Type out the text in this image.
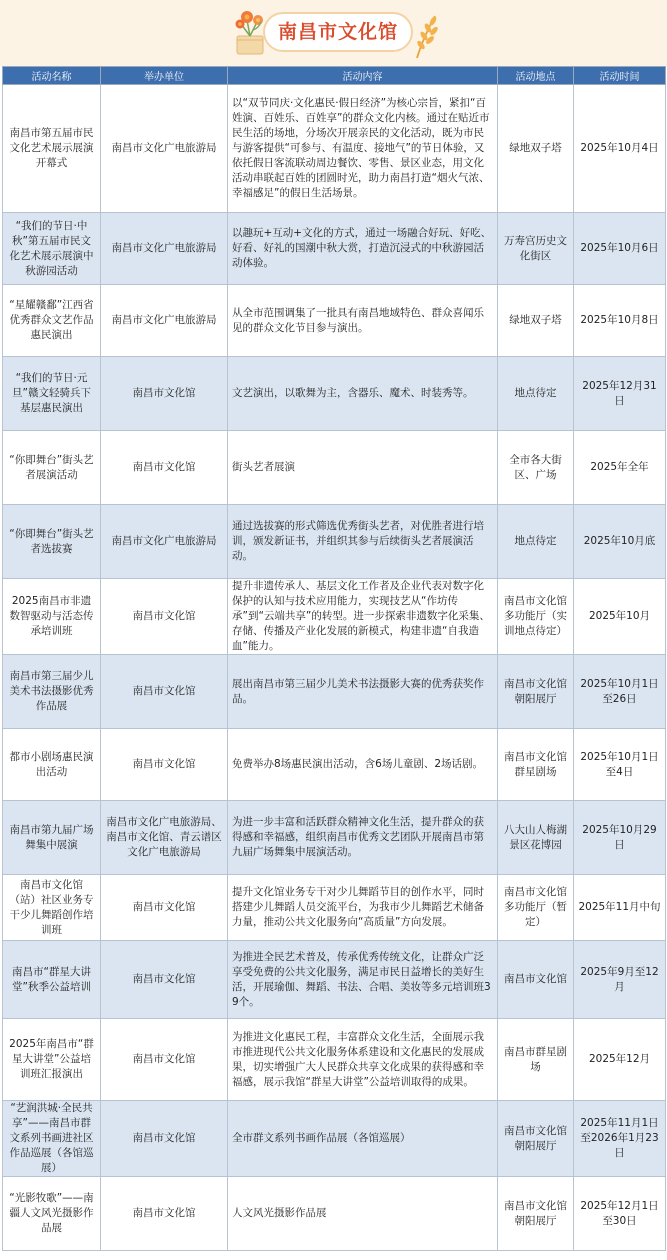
南昌市文化馆
活动名称	举办单位	活动内容	活动地点	活动时间
南昌市第五届市民文化艺术展示展演开幕式	南昌市文化广电旅游局	以“双节同庆·文化惠民·假日经济”为核心宗旨，紧扣“百姓演、百姓乐、百姓享”的群众文化内核。通过在贴近市民生活的场地，分场次开展亲民的文化活动，既为市民与游客提供“可参与、有温度、接地气”的节日体验，又依托假日客流联动周边餐饮、零售、景区业态，用文化活动串联起百姓的团圆时光，助力南昌打造“烟火气浓、幸福感足”的假日生活场景。	绿地双子塔	2025年10月4日
“我们的节日·中秋”第五届市民文化艺术展示展演中秋游园活动	南昌市文化广电旅游局	以趣玩+互动+文化的方式，通过一场融合好玩、好吃、好看、好礼的国潮中秋大赏，打造沉浸式的中秋游园活动体验。	万寿宫历史文化街区	2025年10月6日
“星耀赣鄱”江西省优秀群众文艺作品惠民演出	南昌市文化广电旅游局	从全市范围调集了一批具有南昌地域特色、群众喜闻乐见的群众文化节目参与演出。	绿地双子塔	2025年10月8日
“我们的节日·元旦”赣文轻骑兵下基层惠民演出	南昌市文化馆	文艺演出，以歌舞为主，含器乐、魔术、时装秀等。	地点待定	2025年12月31日
“你即舞台”街头艺者展演活动	南昌市文化馆	街头艺者展演	全市各大街区、广场	2025年全年
“你即舞台”街头艺者选拔赛	南昌市文化广电旅游局	通过选拔赛的形式筛选优秀街头艺者，对优胜者进行培训，颁发新证书，并组织其参与后续街头艺者展演活动。	地点待定	2025年10月底
2025南昌市非遗数智驱动与活态传承培训班	南昌市文化馆	提升非遗传承人、基层文化工作者及企业代表对数字化保护的认知与技术应用能力，实现技艺从“作坊传承”到“云端共享”的转型。进一步探索非遗数字化采集、存储、传播及产业化发展的新模式，构建非遗“自我造血”能力。	南昌市文化馆多功能厅（实训地点待定）	2025年10月
南昌市第三届少儿美术书法摄影优秀作品展	南昌市文化馆	展出南昌市第三届少儿美术书法摄影大赛的优秀获奖作品。	南昌市文化馆朝阳展厅	2025年10月1日至26日
都市小剧场惠民演出活动	南昌市文化馆	免费举办8场惠民演出活动，含6场儿童剧、2场话剧。	南昌市文化馆群星剧场	2025年10月1日至4日
南昌市第九届广场舞集中展演	南昌市文化广电旅游局、南昌市文化馆、青云谱区文化广电旅游局	为进一步丰富和活跃群众精神文化生活，提升群众的获得感和幸福感，组织南昌市优秀文艺团队开展南昌市第九届广场舞集中展演活动。	八大山人梅湖景区花博园	2025年10月29日
南昌市文化馆（站）社区业务专干少儿舞蹈创作培训班	南昌市文化馆	提升文化馆业务专干对少儿舞蹈节目的创作水平，同时搭建少儿舞蹈人员交流平台，为我市少儿舞蹈艺术储备力量，推动公共文化服务向“高质量”方向发展。	南昌市文化馆多功能厅（暂定）	2025年11月中旬
南昌市“群星大讲堂”秋季公益培训	南昌市文化馆	为推进全民艺术普及，传承优秀传统文化，让群众广泛享受免费的公共文化服务，满足市民日益增长的美好生活，开展瑜伽、舞蹈、书法、合唱、美妆等多元培训班39个。	南昌市文化馆	2025年9月至12月
2025年南昌市“群星大讲堂”公益培训班汇报演出	南昌市文化馆	为推进文化惠民工程，丰富群众文化生活，全面展示我市推进现代公共文化服务体系建设和文化惠民的发展成果，切实增强广大人民群众共享文化成果的获得感和幸福感，展示我馆“群星大讲堂”公益培训取得的成果。	南昌市群星剧场	2025年12月
“艺润洪城·全民共享”——南昌市群文系列书画进社区作品巡展（各馆巡展）	南昌市文化馆	全市群文系列书画作品展（各馆巡展）	南昌市文化馆朝阳展厅	2025年11月1日至2026年1月23日
“光影牧歌”——南疆人文风光摄影作品展	南昌市文化馆	人文风光摄影作品展	南昌市文化馆朝阳展厅	2025年12月1日至30日
